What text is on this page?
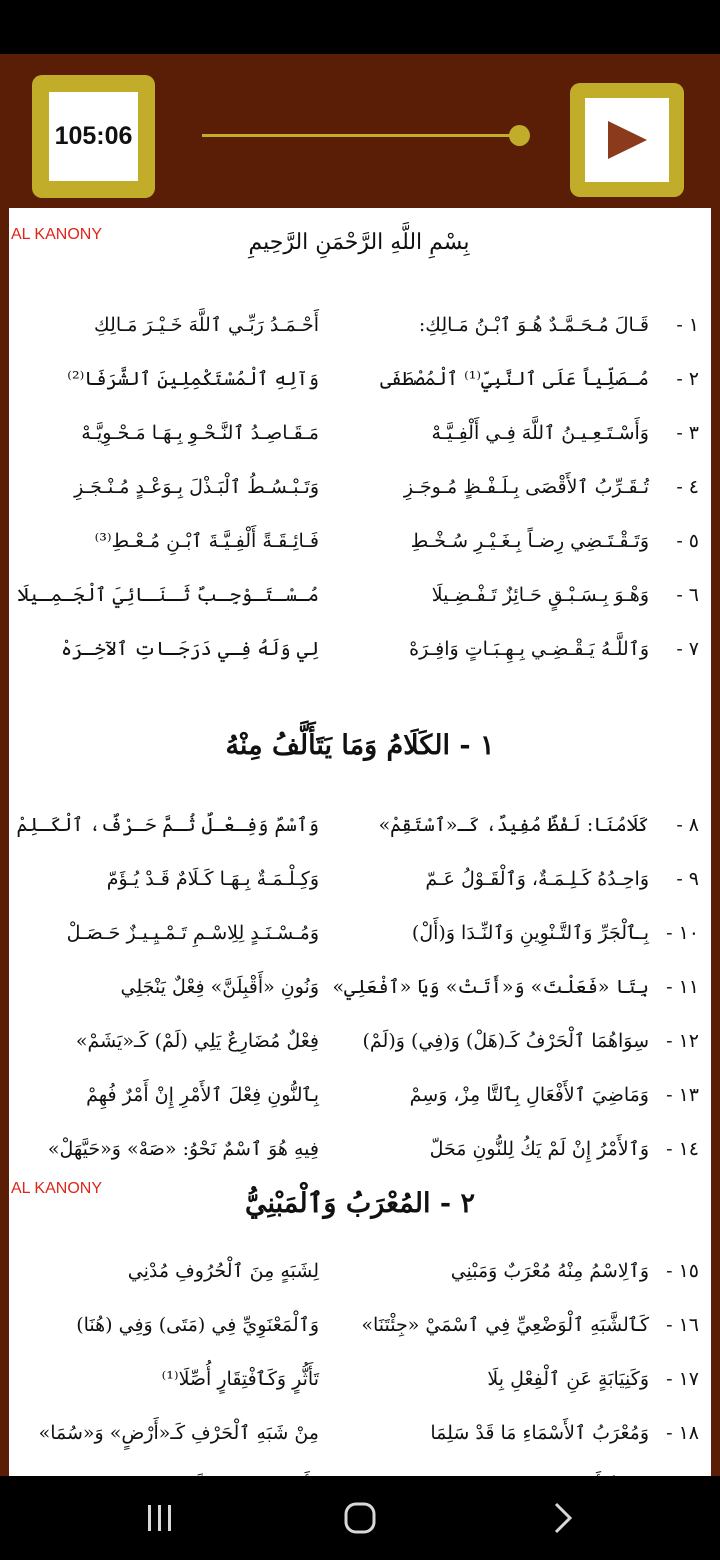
105:06
AL KANONY	بِسْمِ اللَّهِ الرَّحْمَنِ الرَّحِيمِ
١ -
قَـالَ مُـحَـمَّـدٌ هُـوَ ٱبْـنُ مَـالِكِ:
أَحْـمَـدُ رَبِّـي ٱللَّهَ خَـيْـرَ مَـالِكِ
٢ -
مُـصَلِّياً عَلَى ٱلنَّبِيِّ⁽¹⁾ ٱلْمُصْطَفَى
وَآلِهِ ٱلْمُسْتَكْمِلِينَ ٱلشَّرَفَا⁽²⁾
٣ -
وَأَسْـتَـعِـيـنُ ٱللَّهَ فِـي أَلْفِـيَّـهْ
مَـقَـاصِـدُ ٱلنَّـحْـوِ بِـهَـا مَـحْـوِيَّـهْ
٤ -
تُـقَـرِّبُ ٱلأَقْصَى بِـلَـفْـظٍ مُـوجَـزِ
وَتَـبْـسُـطُ ٱلْبَـذْلَ بِـوَعْـدٍ مُـنْـجَـزِ
٥ -
وَتَـقْـتَـضِي رِضـاً بِـغَـيْـرِ سُـخْـطِ
فَـائِـقَـةً أَلْفِـيَّـةَ ٱبْـنِ مُـعْـطِ⁽³⁾
٦ -
وَهْـوَ بِـسَـبْـقٍ حَـائِزٌ تَـفْـضِـيلَا
مُـسْـتَـوْجِـبٌ ثَـنَـائِيَ ٱلْجَـمِـيلَا
٧ -
وَٱللَّـهُ يَـقْـضِـي بِـهِـبَـاتٍ وَافِـرَهْ
لِي وَلَهُ فِـي دَرَجَـاتِ ٱلآخِـرَهْ
١ - الكَلَامُ وَمَا يَتَأَلَّفُ مِنْهُ
٨ -
كَلَامُنَا: لَفْظٌ مُفِيدٌ، كَـ«ٱسْتَقِمْ»
وَٱسْمٌ وَفِـعْـلٌ ثُـمَّ حَـرْفٌ، ٱلْكَـلِمْ
٩ -
وَاحِـدُهُ كَـلِـمَـةٌ، وَٱلْقَـوْلُ عَـمّ
وَكِـلْـمَـةٌ بِـهَـا كَـلَامٌ قَـدْ يُـؤَمّ
١٠ -
بِـٱلْجَرِّ وَٱلتَّـنْوِينِ وَٱلنِّـدَا وَ(أَلْ)
وَمُـسْـنَـدٍ لِلِاسْـمِ تَـمْـيِـيـزٌ حَـصَـلْ
١١ -
بِتَا «فَعَلْتَ» وَ«أَتَتْ» وَيَا «ٱفْعَلِي»
وَنُونِ «أَقْبِلَنَّ» فِعْلٌ يَنْجَلِي
١٢ -
سِوَاهُمَا ٱلْحَرْفُ كَـ(هَلْ) وَ(فِي) وَ(لَمْ)
فِعْلٌ مُضَارِعٌ يَلِي (لَمْ) كَـ«يَشَمْ»
١٣ -
وَمَاضِيَ ٱلأَفْعَالِ بِٱلتَّا مِزْ، وَسِمْ
بِٱلنُّونِ فِعْلَ ٱلأَمْرِ إِنْ أَمْرٌ فُهِمْ
١٤ -
وَٱلأَمْرُ إِنْ لَمْ يَكُ لِلنُّونِ مَحَلّ
فِيهِ هُوَ ٱسْمٌ نَحْوُ: «صَهْ» وَ«حَيَّهَلْ»
AL KANONY	٢ - المُعْرَبُ وَٱلْمَبْنِيُّ
١٥ -
وَٱلِاسْمُ مِنْهُ مُعْرَبٌ وَمَبْنِي
لِشَبَهٍ مِنَ ٱلْحُرُوفِ مُدْنِي
١٦ -
كَٱلشَّبَهِ ٱلْوَضْعِيِّ فِي ٱسْمَيْ «جِئْتَنَا»
وَٱلْمَعْنَوِيِّ فِي (مَتَى) وَفِي (هُنَا)
١٧ -
وَكَنِيَابَةٍ عَنِ ٱلْفِعْلِ بِلَا
تَأَثُّرٍ وَكَٱفْتِقَارٍ أُصِّلَا⁽¹⁾
١٨ -
وَمُعْرَبُ ٱلأَسْمَاءِ مَا قَدْ سَلِمَا
مِنْ شَبَهِ ٱلْحَرْفِ كَـ«أَرْضٍ» وَ«سُمَا»
